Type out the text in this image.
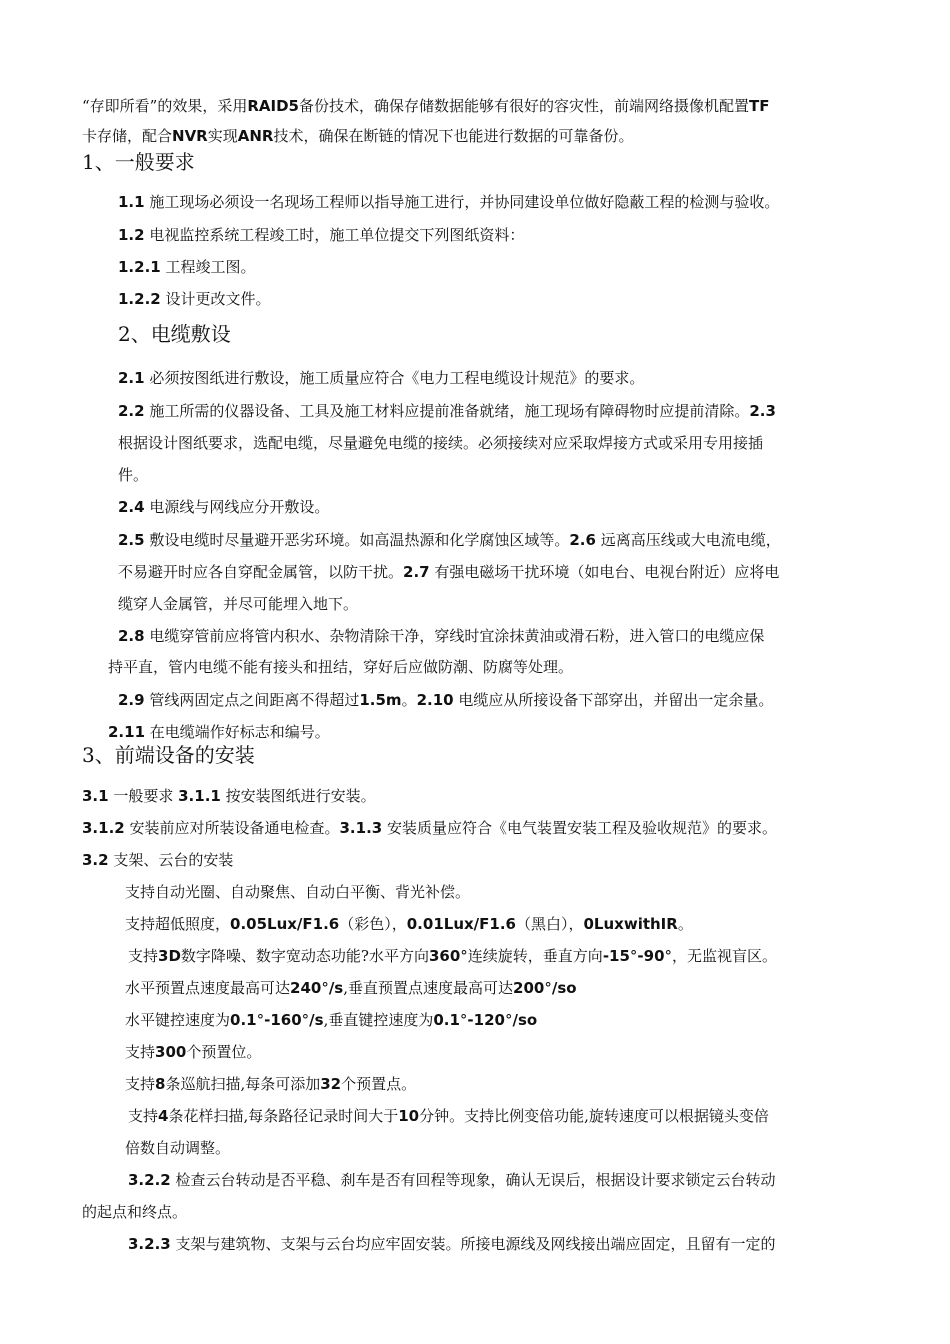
“存即所看”的效果，采用RAID5备份技术，确保存储数据能够有很好的容灾性，前端网络摄像机配置TF
卡存储，配合NVR实现ANR技术，确保在断链的情况下也能进行数据的可靠备份。
1、一般要求
1.1 施工现场必须设一名现场工程师以指导施工进行，并协同建设单位做好隐蔽工程的检测与验收。
1.2 电视监控系统工程竣工时，施工单位提交下列图纸资料：
1.2.1 工程竣工图。
1.2.2 设计更改文件。
2、电缆敷设
2.1 必须按图纸进行敷设，施工质量应符合《电力工程电缆设计规范》的要求。
2.2 施工所需的仪器设备、工具及施工材料应提前准备就绪，施工现场有障碍物时应提前清除。2.3
根据设计图纸要求，选配电缆，尽量避免电缆的接续。必须接续对应采取焊接方式或采用专用接插
件。
2.4 电源线与网线应分开敷设。
2.5 敷设电缆时尽量避开恶劣环境。如高温热源和化学腐蚀区域等。2.6 远离高压线或大电流电缆，
不易避开时应各自穿配金属管，以防干扰。2.7 有强电磁场干扰环境（如电台、电视台附近）应将电
缆穿人金属管，并尽可能埋入地下。
2.8 电缆穿管前应将管内积水、杂物清除干净，穿线时宜涂抹黄油或滑石粉，进入管口的电缆应保
持平直，管内电缆不能有接头和扭结，穿好后应做防潮、防腐等处理。
2.9 管线两固定点之间距离不得超过1.5m。2.10 电缆应从所接设备下部穿出，并留出一定余量。
2.11 在电缆端作好标志和编号。
3、前端设备的安装
3.1 一般要求 3.1.1 按安装图纸进行安装。
3.1.2 安装前应对所装设备通电检查。3.1.3 安装质量应符合《电气装置安装工程及验收规范》的要求。
3.2 支架、云台的安装
支持自动光圈、自动聚焦、自动白平衡、背光补偿。
支持超低照度，0.05Lux/F1.6（彩色），0.01Lux/F1.6（黑白），0LuxwithIR。
支持3D数字降噪、数字宽动态功能?水平方向360°连续旋转，垂直方向-15°-90°，无监视盲区。
水平预置点速度最高可达240°/s,垂直预置点速度最高可达200°/so
水平键控速度为0.1°-160°/s,垂直键控速度为0.1°-120°/so
支持300个预置位。
支持8条巡航扫描,每条可添加32个预置点。
支持4条花样扫描,每条路径记录时间大于10分钟。支持比例变倍功能,旋转速度可以根据镜头变倍
倍数自动调整。
3.2.2 检查云台转动是否平稳、刹车是否有回程等现象，确认无误后，根据设计要求锁定云台转动
的起点和终点。
3.2.3 支架与建筑物、支架与云台均应牢固安装。所接电源线及网线接出端应固定，且留有一定的
